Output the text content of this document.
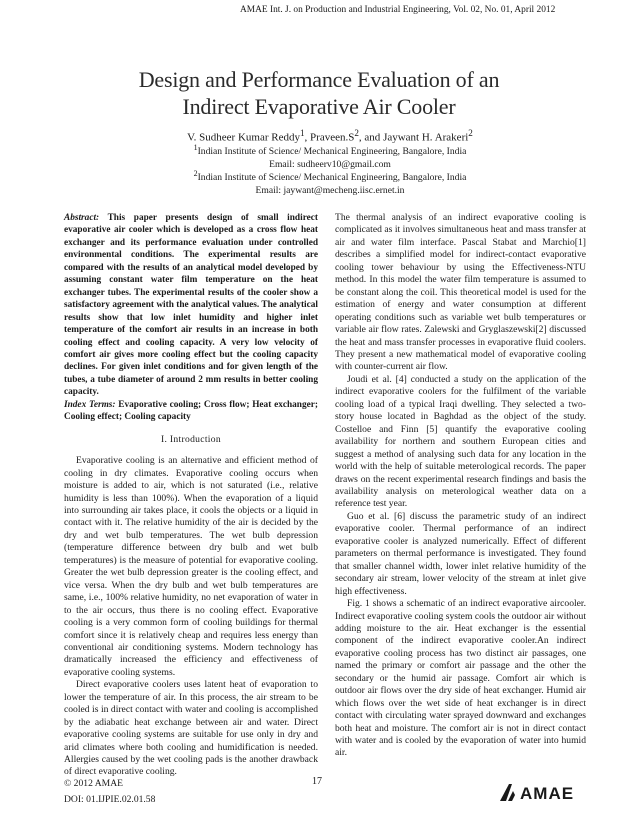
AMAE Int. J. on Production and Industrial Engineering, Vol. 02, No. 01, April 2012
Design and Performance Evaluation of an
Indirect Evaporative Air Cooler
V. Sudheer Kumar Reddy$^1$, $Praveen.S^2$, and Jaywant H. Arakeri$^2$
$^1$Indian Institute of Science/ Mechanical Engineering, Bangalore, India
Email: sudheerv10@gmail.com
$^2$Indian Institute of Science/ Mechanical Engineering, Bangalore, India
Email: jaywant@mecheng.iisc.ernet.in

Abstract: This paper presents design of small indirect evaporative air cooler which is developed as a cross flow heat exchanger and its performance evaluation under controlled environmental conditions. The experimental results are compared with the results of an analytical model developed by assuming constant water film temperature on the heat exchanger tubes. The experimental results of the cooler show a satisfactory agreement with the analytical values. The analytical results show that low inlet humidity and higher inlet temperature of the comfort air results in an increase in both cooling effect and cooling capacity. A very low velocity of comfort air gives more cooling effect but the cooling capacity declines. For given inlet conditions and for given length of the tubes, a tube diameter of around 2 mm results in better cooling capacity.

Index Terms: Evaporative cooling; Cross flow; Heat exchanger; Cooling effect; Cooling capacity

I. Introduction

Evaporative cooling is an alternative and efficient method of cooling in dry climates. Evaporative cooling occurs when moisture is added to air, which is not saturated (i.e., relative humidity is less than 100%). When the evaporation of a liquid into surrounding air takes place, it cools the objects or a liquid in contact with it. The relative humidity of the air is decided by the dry and wet bulb temperatures. The wet bulb depression (temperature difference between dry bulb and wet bulb temperatures) is the measure of potential for evaporative cooling. Greater the wet bulb depression greater is the cooling effect, and vice versa. When the dry bulb and wet bulb temperatures are same, i.e., 100% relative humidity, no net evaporation of water in to the air occurs, thus there is no cooling effect. Evaporative cooling is a very common form of cooling buildings for thermal comfort since it is relatively cheap and requires less energy than conventional air conditioning systems. Modern technology has dramatically increased the efficiency and effectiveness of evaporative cooling systems.

Direct evaporative coolers uses latent heat of evaporation to lower the temperature of air. In this process, the air stream to be cooled is in direct contact with water and cooling is accomplished by the adiabatic heat exchange between air and water. Direct evaporative cooling systems are suitable for use only in dry and arid climates where both cooling and humidification is needed. Allergies caused by the wet cooling pads is the another drawback of direct evaporative cooling.

The thermal analysis of an indirect evaporative cooling is complicated as it involves simultaneous heat and mass transfer at air and water film interface. Pascal Stabat and Marchio[1] describes a simplified model for indirect-contact evaporative cooling tower behaviour by using the Effectiveness-NTU method. In this model the water film temperature is assumed to be constant along the coil. This theoretical model is used for the estimation of energy and water consumption at different operating conditions such as variable wet bulb temperatures or variable air flow rates. Zalewski and Gryglaszewski[2] discussed the heat and mass transfer processes in evaporative fluid coolers. They present a new mathematical model of evaporative cooling with counter-current air flow.

Joudi et al. [4] conducted a study on the application of the indirect evaporative coolers for the fulfilment of the variable cooling load of a typical Iraqi dwelling. They selected a two-story house located in Baghdad as the object of the study. Costelloe and Finn [5] quantify the evaporative cooling availability for northern and southern European cities and suggest a method of analysing such data for any location in the world with the help of suitable meterological records. The paper draws on the recent experimental research findings and basis the availability analysis on meterological weather data on a reference test year.

Guo et al. [6] discuss the parametric study of an indirect evaporative cooler. Thermal performance of an indirect evaporative cooler is analyzed numerically. Effect of different parameters on thermal performance is investigated. They found that smaller channel width, lower inlet relative humidity of the secondary air stream, lower velocity of the stream at inlet give high effectiveness.

Fig. 1 shows a schematic of an indirect evaporative aircooler. Indirect evaporative cooling system cools the outdoor air without adding moisture to the air. Heat exchanger is the essential component of the indirect evaporative cooler.An indirect evaporative cooling process has two distinct air passages, one named the primary or comfort air passage and the other the secondary or the humid air passage. Comfort air which is outdoor air flows over the dry side of heat exchanger. Humid air which flows over the wet side of heat exchanger is in direct contact with circulating water sprayed downward and exchanges both heat and moisture. The comfort air is not in direct contact with water and is cooled by the evaporation of water into humid air.

© 2012 AMAE
DOI: 01.IJPIE.02.01.58
17
AMAE
